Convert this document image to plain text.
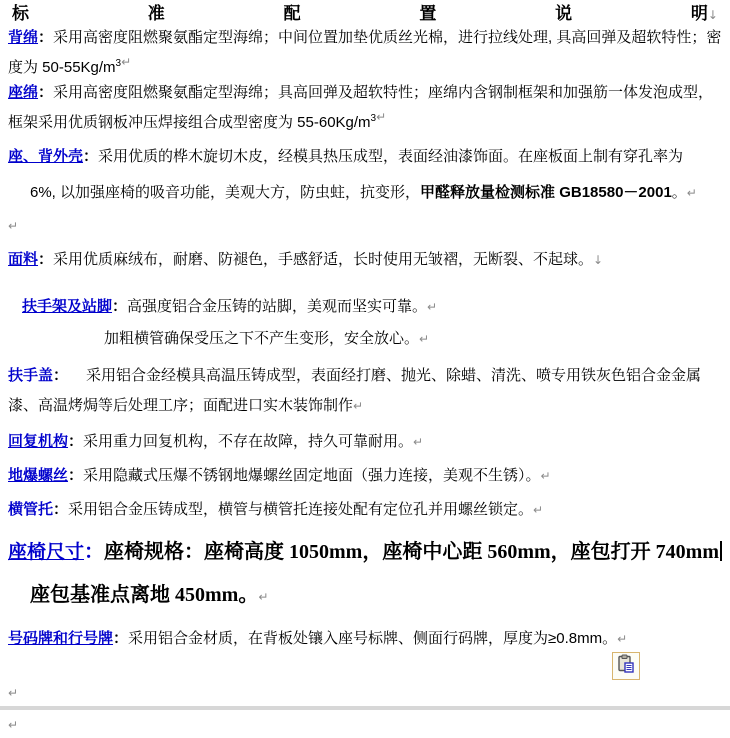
标	准	配	置	说	明↓

背绵：采用高密度阻燃聚氨酯定型海绵；中间位置加垫优质丝光棉，进行拉线处理, 具高回弹及超软特性；密度为 $50-55Kg/m^{3↵}$

座绵：采用高密度阻燃聚氨酯定型海绵；具高回弹及超软特性；座绵内含钢制框架和加强筋一体发泡成型，框架采用优质钢板冲压焊接组合成型密度为 $55-60Kg/m^{3↵}$

座、背外壳：采用优质的桦木旋切木皮，经模具热压成型，表面经油漆饰面。在座板面上制有穿孔率为
6%, 以加强座椅的吸音功能，美观大方，防虫蛀，抗变形，甲醛释放量检测标准 GB18580－2001。↵
↵

面料：采用优质麻绒布，耐磨、防褪色，手感舒适，长时使用无皱褶，无断裂、不起球。↓

扶手架及站脚：高强度铝合金压铸的站脚，美观而坚实可靠。↵
加粗横管确保受压之下不产生变形，安全放心。↵
扶手盖： 采用铝合金经模具高温压铸成型，表面经打磨、抛光、除蜡、清洗、喷专用铁灰色铝合金金属
漆、高温烤焗等后处理工序；面配进口实木装饰制作↵

回复机构：采用重力回复机构，不存在故障，持久可靠耐用。↵

地爆螺丝：采用隐藏式压爆不锈钢地爆螺丝固定地面（强力连接，美观不生锈）。↵

横管托：采用铝合金压铸成型，横管与横管托连接处配有定位孔并用螺丝锁定。↵

座椅尺寸：座椅规格：座椅高度 1050mm，座椅中心距 560mm，座包打开 740mm
座包基准点离地 450mm。↵

号码牌和行号牌：采用铝合金材质，在背板处镶入座号标牌、侧面行码牌，厚度为≥0.8mm。↵

↵
↵
